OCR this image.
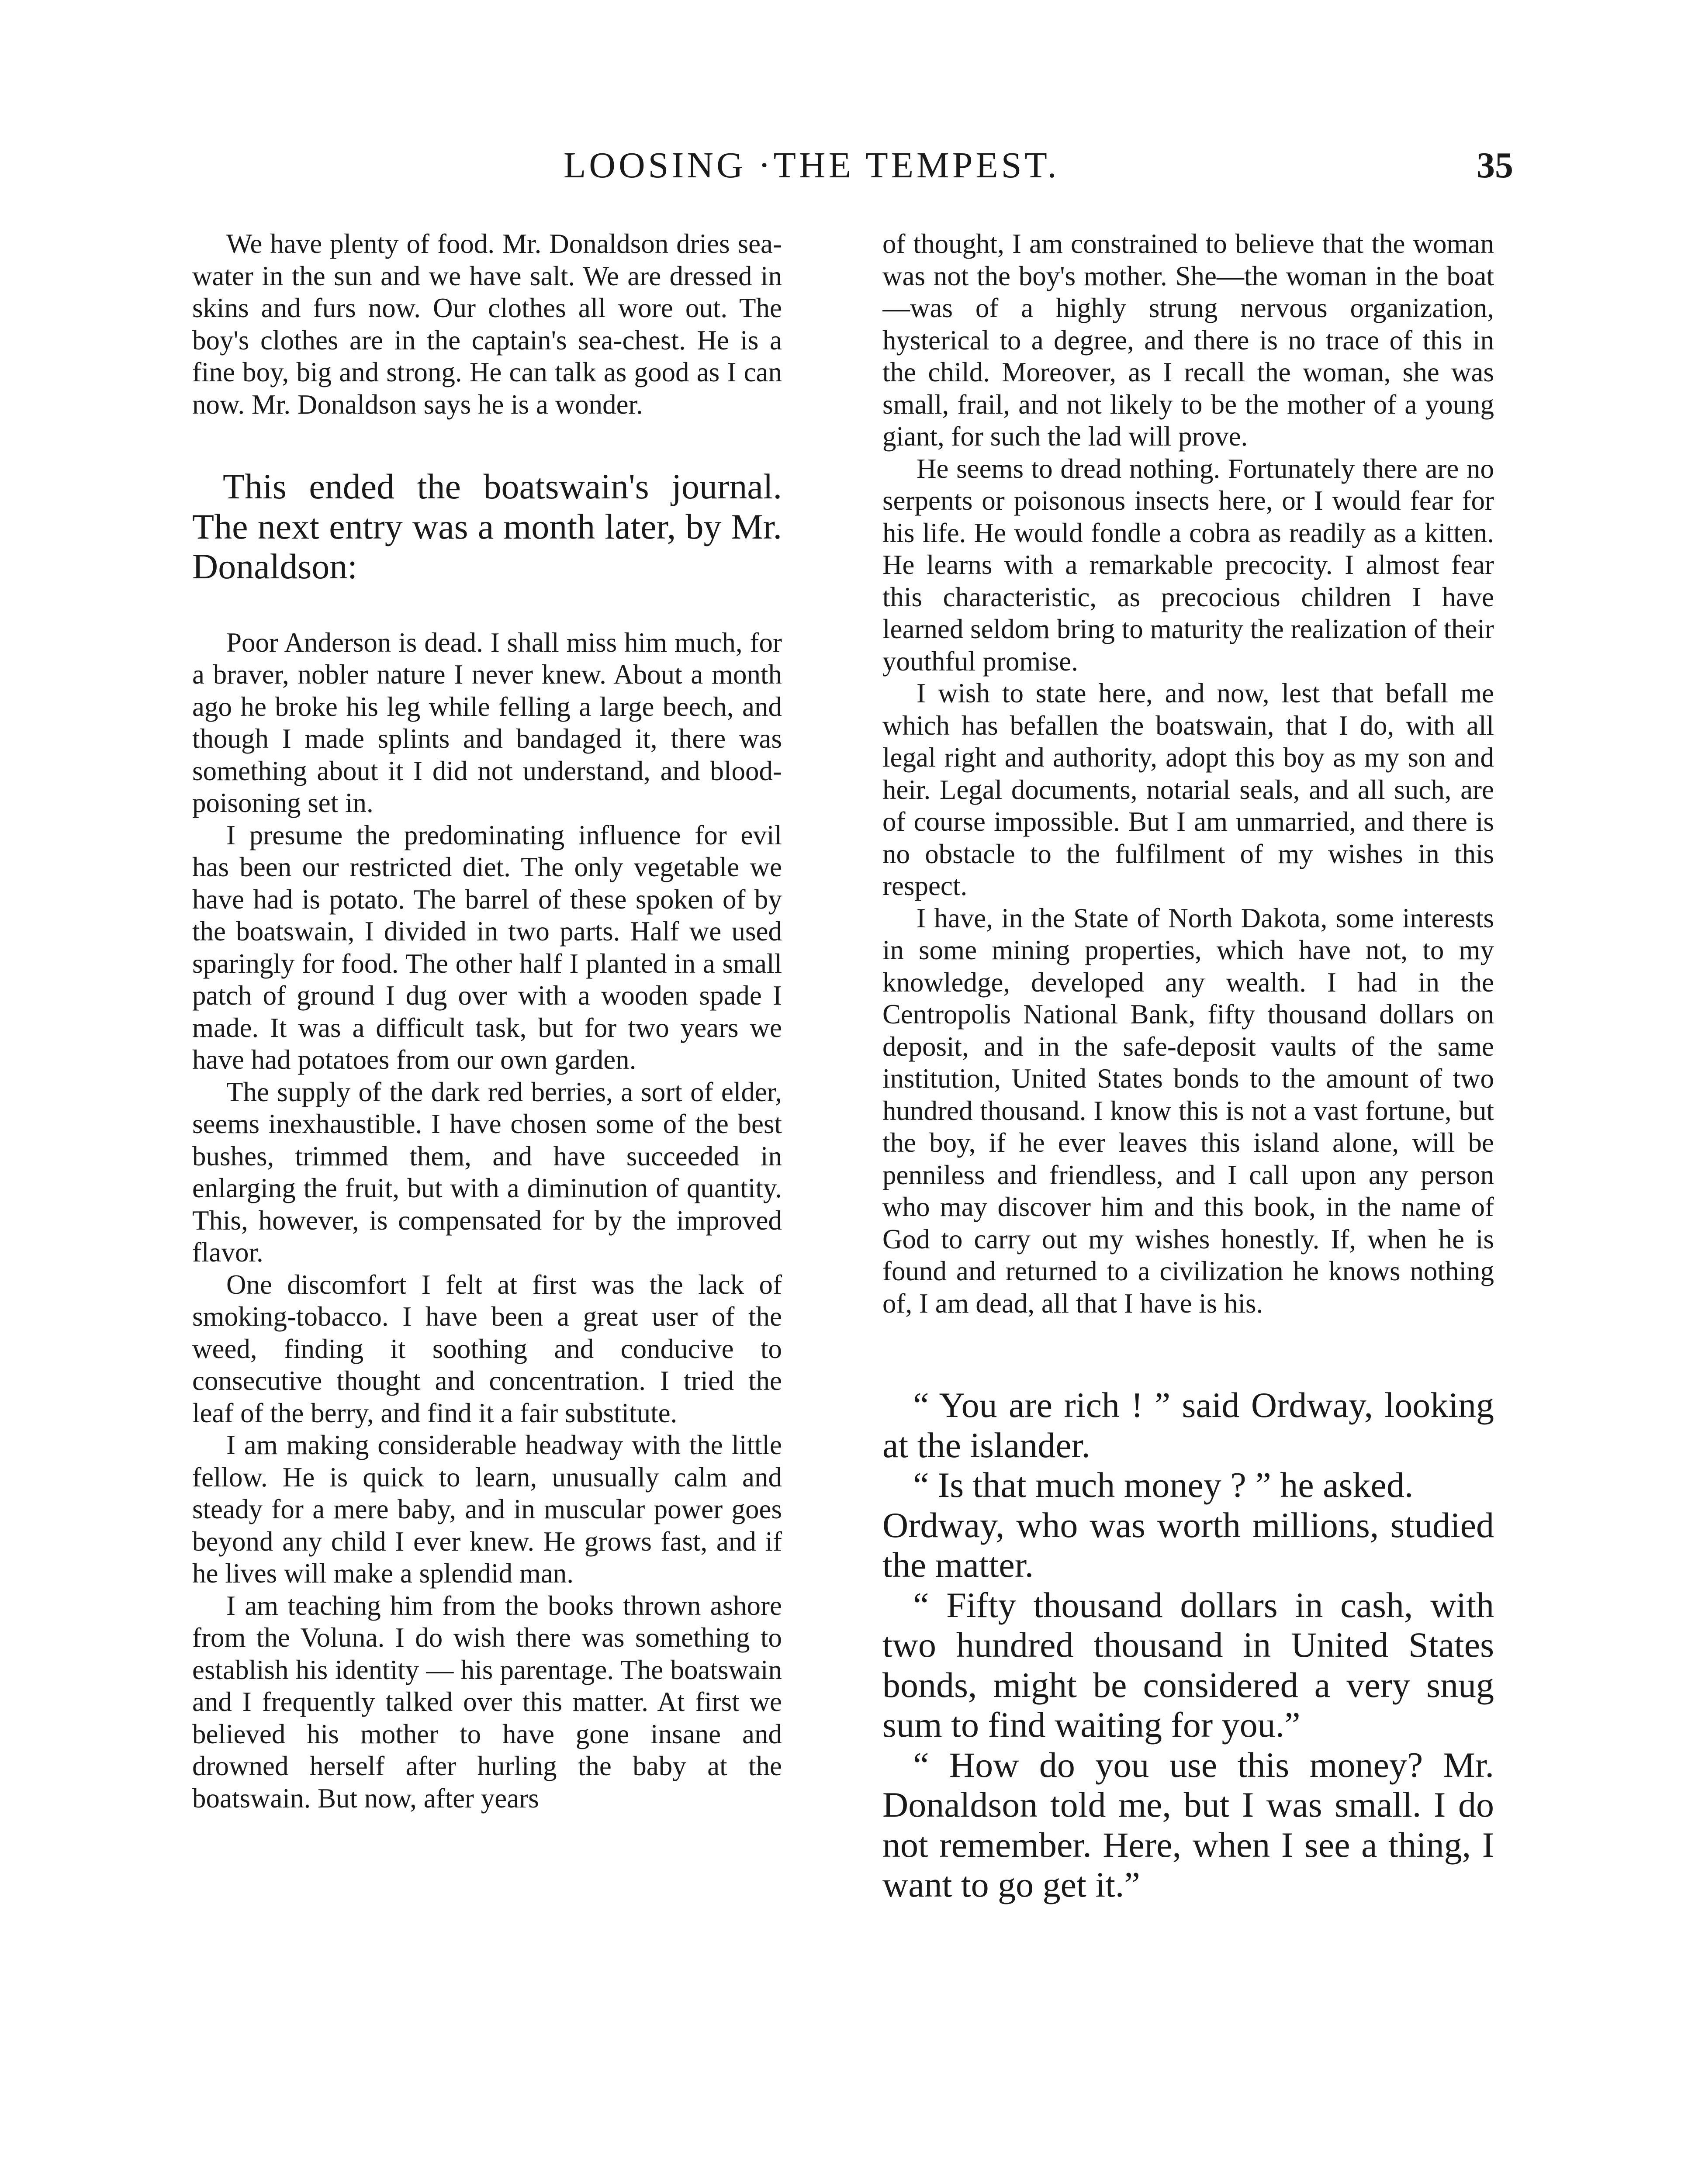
LOOSING ·THE TEMPEST.	35

We have plenty of food. Mr. Donaldson dries sea-water in the sun and we have salt. We are dressed in skins and furs now. Our clothes all wore out. The boy's clothes are in the captain's sea-chest. He is a fine boy, big and strong. He can talk as good as I can now. Mr. Donaldson says he is a wonder.

This ended the boatswain's journal. The next entry was a month later, by Mr. Donaldson:

Poor Anderson is dead. I shall miss him much, for a braver, nobler nature I never knew. About a month ago he broke his leg while felling a large beech, and though I made splints and bandaged it, there was something about it I did not understand, and blood-poisoning set in.

I presume the predominating influence for evil has been our restricted diet. The only vegetable we have had is potato. The barrel of these spoken of by the boatswain, I divided in two parts. Half we used sparingly for food. The other half I planted in a small patch of ground I dug over with a wooden spade I made. It was a difficult task, but for two years we have had potatoes from our own garden.

The supply of the dark red berries, a sort of elder, seems inexhaustible. I have chosen some of the best bushes, trimmed them, and have succeeded in enlarging the fruit, but with a diminution of quantity. This, however, is compensated for by the improved flavor.

One discomfort I felt at first was the lack of smoking-tobacco. I have been a great user of the weed, finding it soothing and conducive to consecutive thought and concentration. I tried the leaf of the berry, and find it a fair substitute.

I am making considerable headway with the little fellow. He is quick to learn, unusually calm and steady for a mere baby, and in muscular power goes beyond any child I ever knew. He grows fast, and if he lives will make a splendid man.

I am teaching him from the books thrown ashore from the Voluna. I do wish there was something to establish his identity — his parentage. The boatswain and I frequently talked over this matter. At first we believed his mother to have gone insane and drowned herself after hurling the baby at the boatswain. But now, after years

of thought, I am constrained to believe that the woman was not the boy's mother. She—the woman in the boat —was of a highly strung nervous organization, hysterical to a degree, and there is no trace of this in the child. Moreover, as I recall the woman, she was small, frail, and not likely to be the mother of a young giant, for such the lad will prove.

He seems to dread nothing. Fortunately there are no serpents or poisonous insects here, or I would fear for his life. He would fondle a cobra as readily as a kitten. He learns with a remarkable precocity. I almost fear this characteristic, as precocious children I have learned seldom bring to maturity the realization of their youthful promise.

I wish to state here, and now, lest that befall me which has befallen the boatswain, that I do, with all legal right and authority, adopt this boy as my son and heir. Legal documents, notarial seals, and all such, are of course impossible. But I am unmarried, and there is no obstacle to the fulfilment of my wishes in this respect.

I have, in the State of North Dakota, some interests in some mining properties, which have not, to my knowledge, developed any wealth. I had in the Centropolis National Bank, fifty thousand dollars on deposit, and in the safe-deposit vaults of the same institution, United States bonds to the amount of two hundred thousand. I know this is not a vast fortune, but the boy, if he ever leaves this island alone, will be penniless and friendless, and I call upon any person who may discover him and this book, in the name of God to carry out my wishes honestly. If, when he is found and returned to a civilization he knows nothing of, I am dead, all that I have is his.

“ You are rich ! ” said Ordway, looking at the islander.

“ Is that much money ? ” he asked.

Ordway, who was worth millions, studied the matter.

“ Fifty thousand dollars in cash, with two hundred thousand in United States bonds, might be considered a very snug sum to find waiting for you.”

“ How do you use this money? Mr. Donaldson told me, but I was small. I do not remember. Here, when I see a thing, I want to go get it.”
